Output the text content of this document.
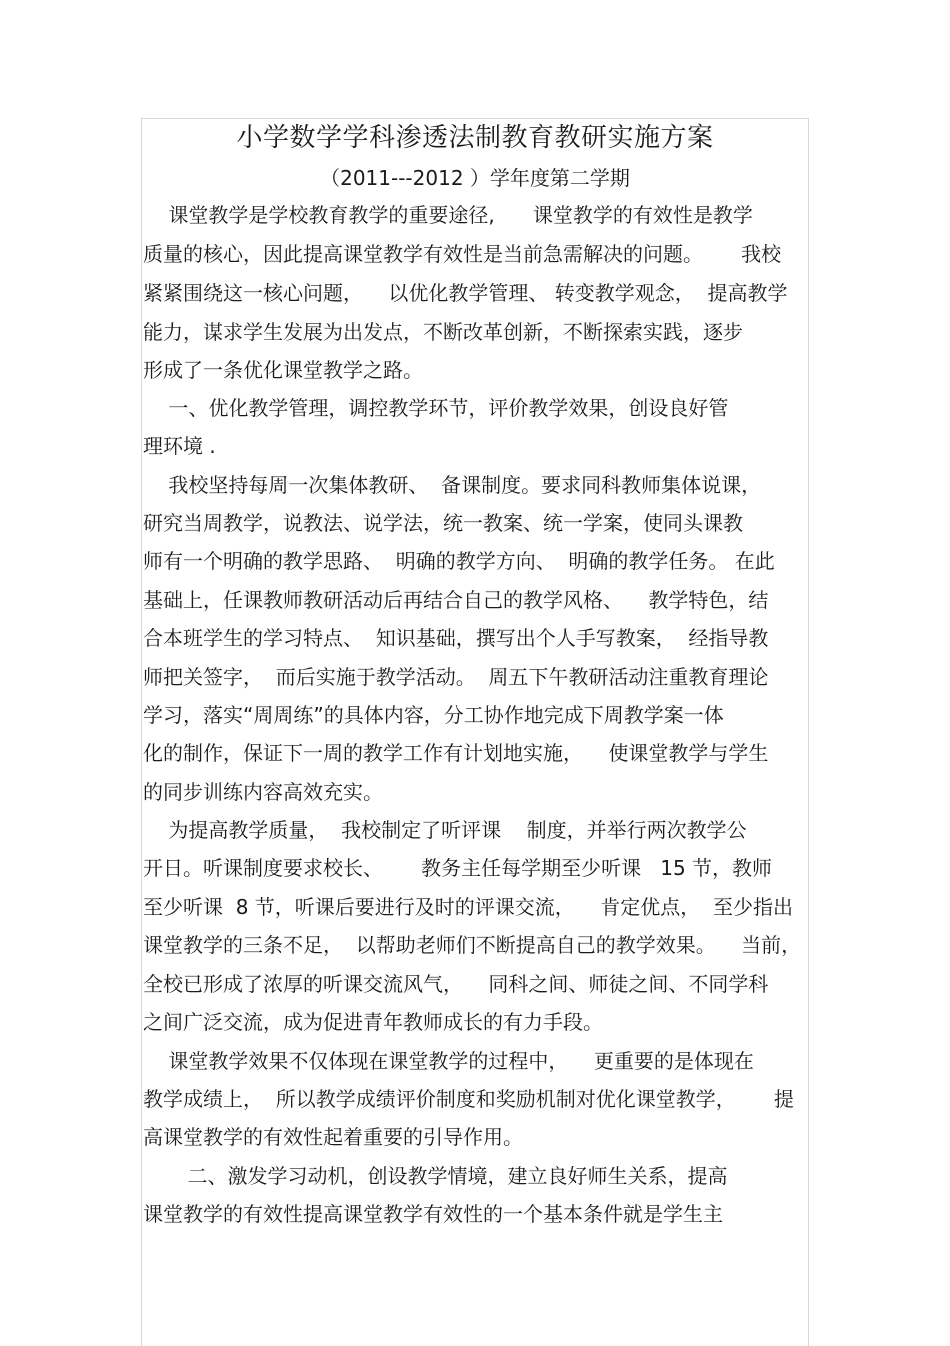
小学数学学科渗透法制教育教研实施方案
（2011---2012 ）学年度第二学期
课堂教学是学校教育教学的重要途径,      课堂教学的有效性是教学
质量的核心，因此提高课堂教学有效性是当前急需解决的问题。      我校
紧紧围绕这一核心问题，    以优化教学管理、 转变教学观念，  提高教学
能力，谋求学生发展为出发点，不断改革创新，不断探索实践，逐步
形成了一条优化课堂教学之路。
一、优化教学管理，调控教学环节，评价教学效果，创设良好管
理环境 .
我校坚持每周一次集体教研、  备课制度。要求同科教师集体说课，
研究当周教学，说教法、说学法，统一教案、统一学案，使同头课教
师有一个明确的教学思路、  明确的教学方向、  明确的教学任务。 在此
基础上，任课教师教研活动后再结合自己的教学风格、    教学特色，结
合本班学生的学习特点、  知识基础，撰写出个人手写教案，  经指导教
师把关签字，  而后实施于教学活动。  周五下午教研活动注重教育理论
学习，落实“周周练”的具体内容，分工协作地完成下周教学案一体
化的制作，保证下一周的教学工作有计划地实施，    使课堂教学与学生
的同步训练内容高效充实。
为提高教学质量，  我校制定了听评课    制度，并举行两次教学公
开日。听课制度要求校长、      教务主任每学期至少听课   15 节，教师
至少听课  8 节，听课后要进行及时的评课交流，    肯定优点，  至少指出
课堂教学的三条不足，  以帮助老师们不断提高自己的教学效果。    当前，
全校已形成了浓厚的听课交流风气，    同科之间、师徒之间、不同学科
之间广泛交流，成为促进青年教师成长的有力手段。
课堂教学效果不仅体现在课堂教学的过程中，    更重要的是体现在
教学成绩上，  所以教学成绩评价制度和奖励机制对优化课堂教学，      提
高课堂教学的有效性起着重要的引导作用。
二、激发学习动机，创设教学情境，建立良好师生关系，提高
课堂教学的有效性提高课堂教学有效性的一个基本条件就是学生主
